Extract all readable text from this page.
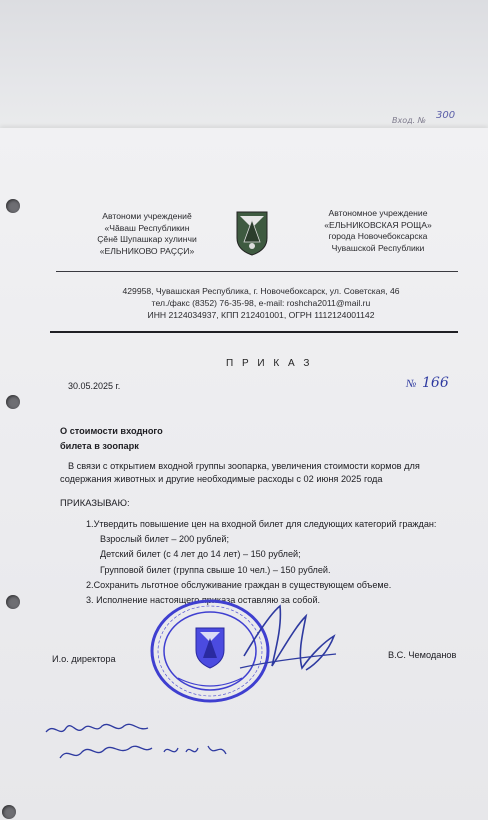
Вход. № 300
Автономи учреждениĕ
«Чăваш Республикин
Çĕнĕ Шупашкар хулинчи
«ЕЛЬНИКОВО РАÇÇИ»
Автономное учреждение
«ЕЛЬНИКОВСКАЯ РОЩА»
города Новочебоксарска
Чувашской Республики
429958, Чувашская Республика, г. Новочебоксарск, ул. Советская, 46
тел./факс (8352) 76-35-98, e-mail: roshcha2011@mail.ru
ИНН 2124034937, КПП 212401001, ОГРН 1112124001142
П Р И К А З
30.05.2025 г.	№ 166
О стоимости входного
билета в зоопарк
В связи с открытием входной группы зоопарка, увеличения стоимости кормов для
содержания животных и другие необходимые расходы с 02 июня 2025 года
ПРИКАЗЫВАЮ:
1.Утвердить повышение цен на входной билет для следующих категорий граждан:
Взрослый билет – 200 рублей;
Детский билет (с 4 лет до 14 лет) – 150 рублей;
Групповой билет (группа свыше 10 чел.) – 150 рублей.
2.Сохранить льготное обслуживание граждан в существующем объеме.
3. Исполнение настоящего приказа оставляю за собой.
И.о. директора	В.С. Чемоданов
